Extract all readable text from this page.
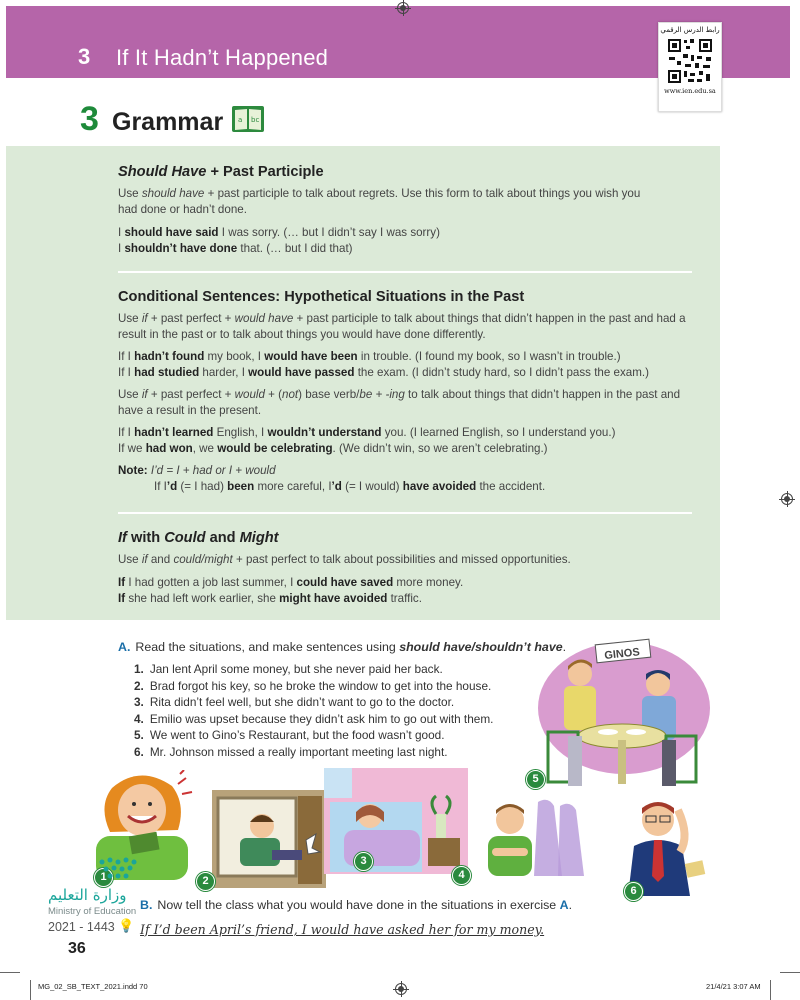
3 If It Hadn’t Happened
رابط الدرس الرقمي
www.ien.edu.sa
3 Grammar a bc
Should Have + Past Participle

Use should have + past participle to talk about regrets. Use this form to talk about things you wish you had done or hadn’t done.

I should have said I was sorry. (… but I didn’t say I was sorry)

I shouldn’t have done that. (… but I did that)

Conditional Sentences: Hypothetical Situations in the Past

Use if + past perfect + would have + past participle to talk about things that didn’t happen in the past and had a result in the past or to talk about things you would have done differently.

If I hadn’t found my book, I would have been in trouble. (I found my book, so I wasn’t in trouble.)

If I had studied harder, I would have passed the exam. (I didn’t study hard, so I didn’t pass the exam.)

Use if + past perfect + would + (not) base verb/be + -ing to talk about things that didn’t happen in the past and have a result in the present.

If I hadn’t learned English, I wouldn’t understand you. (I learned English, so I understand you.)

If we had won, we would be celebrating. (We didn’t win, so we aren’t celebrating.)

Note: I’d = I + had or I + would

If I’d (= I had) been more careful, I’d (= I would) have avoided the accident.

If with Could and Might

Use if and could/might + past perfect to talk about possibilities and missed opportunities.

If I had gotten a job last summer, I could have saved more money.

If she had left work earlier, she might have avoided traffic.

A. Read the situations, and make sentences using should have/shouldn’t have.
1. Jan lent April some money, but she never paid her back.
2. Brad forgot his key, so he broke the window to get into the house.
3. Rita didn’t feel well, but she didn’t want to go to the doctor.
4. Emilio was upset because they didn’t ask him to go out with them.
5. We went to Gino’s Restaurant, but the food wasn’t good.
6. Mr. Johnson missed a really important meeting last night.
GINOS
5
1	2
3
4
6
B. Now tell the class what you would have done in the situations in exercise A.
If I’d been April’s friend, I would have asked her for my money.
وزارة التعليم
Ministry of Education
2021 - 1443 💡
36
MG_02_SB_TEXT_2021.indd 70	21/4/21 3:07 AM
